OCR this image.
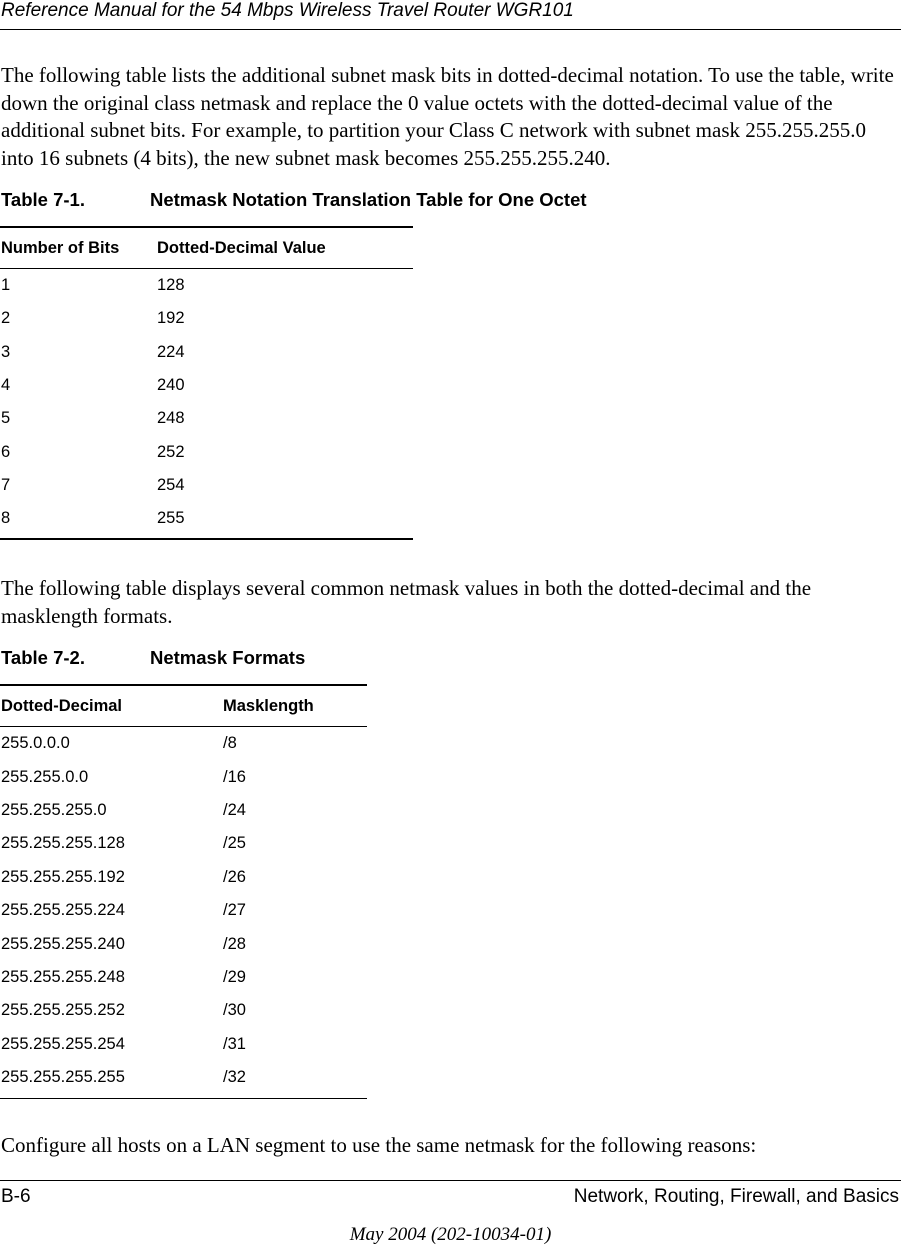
Reference Manual for the 54 Mbps Wireless Travel Router WGR101
The following table lists the additional subnet mask bits in dotted-decimal notation. To use the table, write down the original class netmask and replace the 0 value octets with the dotted-decimal value of the additional subnet bits. For example, to partition your Class C network with subnet mask 255.255.255.0 into 16 subnets (4 bits), the new subnet mask becomes 255.255.255.240.
Table 7-1.	Netmask Notation Translation Table for One Octet
Number of Bits	Dotted-Decimal Value
1	128
2	192
3	224
4	240
5	248
6	252
7	254
8	255
The following table displays several common netmask values in both the dotted-decimal and the masklength formats.
Table 7-2.	Netmask Formats
Dotted-Decimal	Masklength
255.0.0.0	/8
255.255.0.0	/16
255.255.255.0	/24
255.255.255.128	/25
255.255.255.192	/26
255.255.255.224	/27
255.255.255.240	/28
255.255.255.248	/29
255.255.255.252	/30
255.255.255.254	/31
255.255.255.255	/32
Configure all hosts on a LAN segment to use the same netmask for the following reasons:
B-6	Network, Routing, Firewall, and Basics
May 2004 (202-10034-01)
